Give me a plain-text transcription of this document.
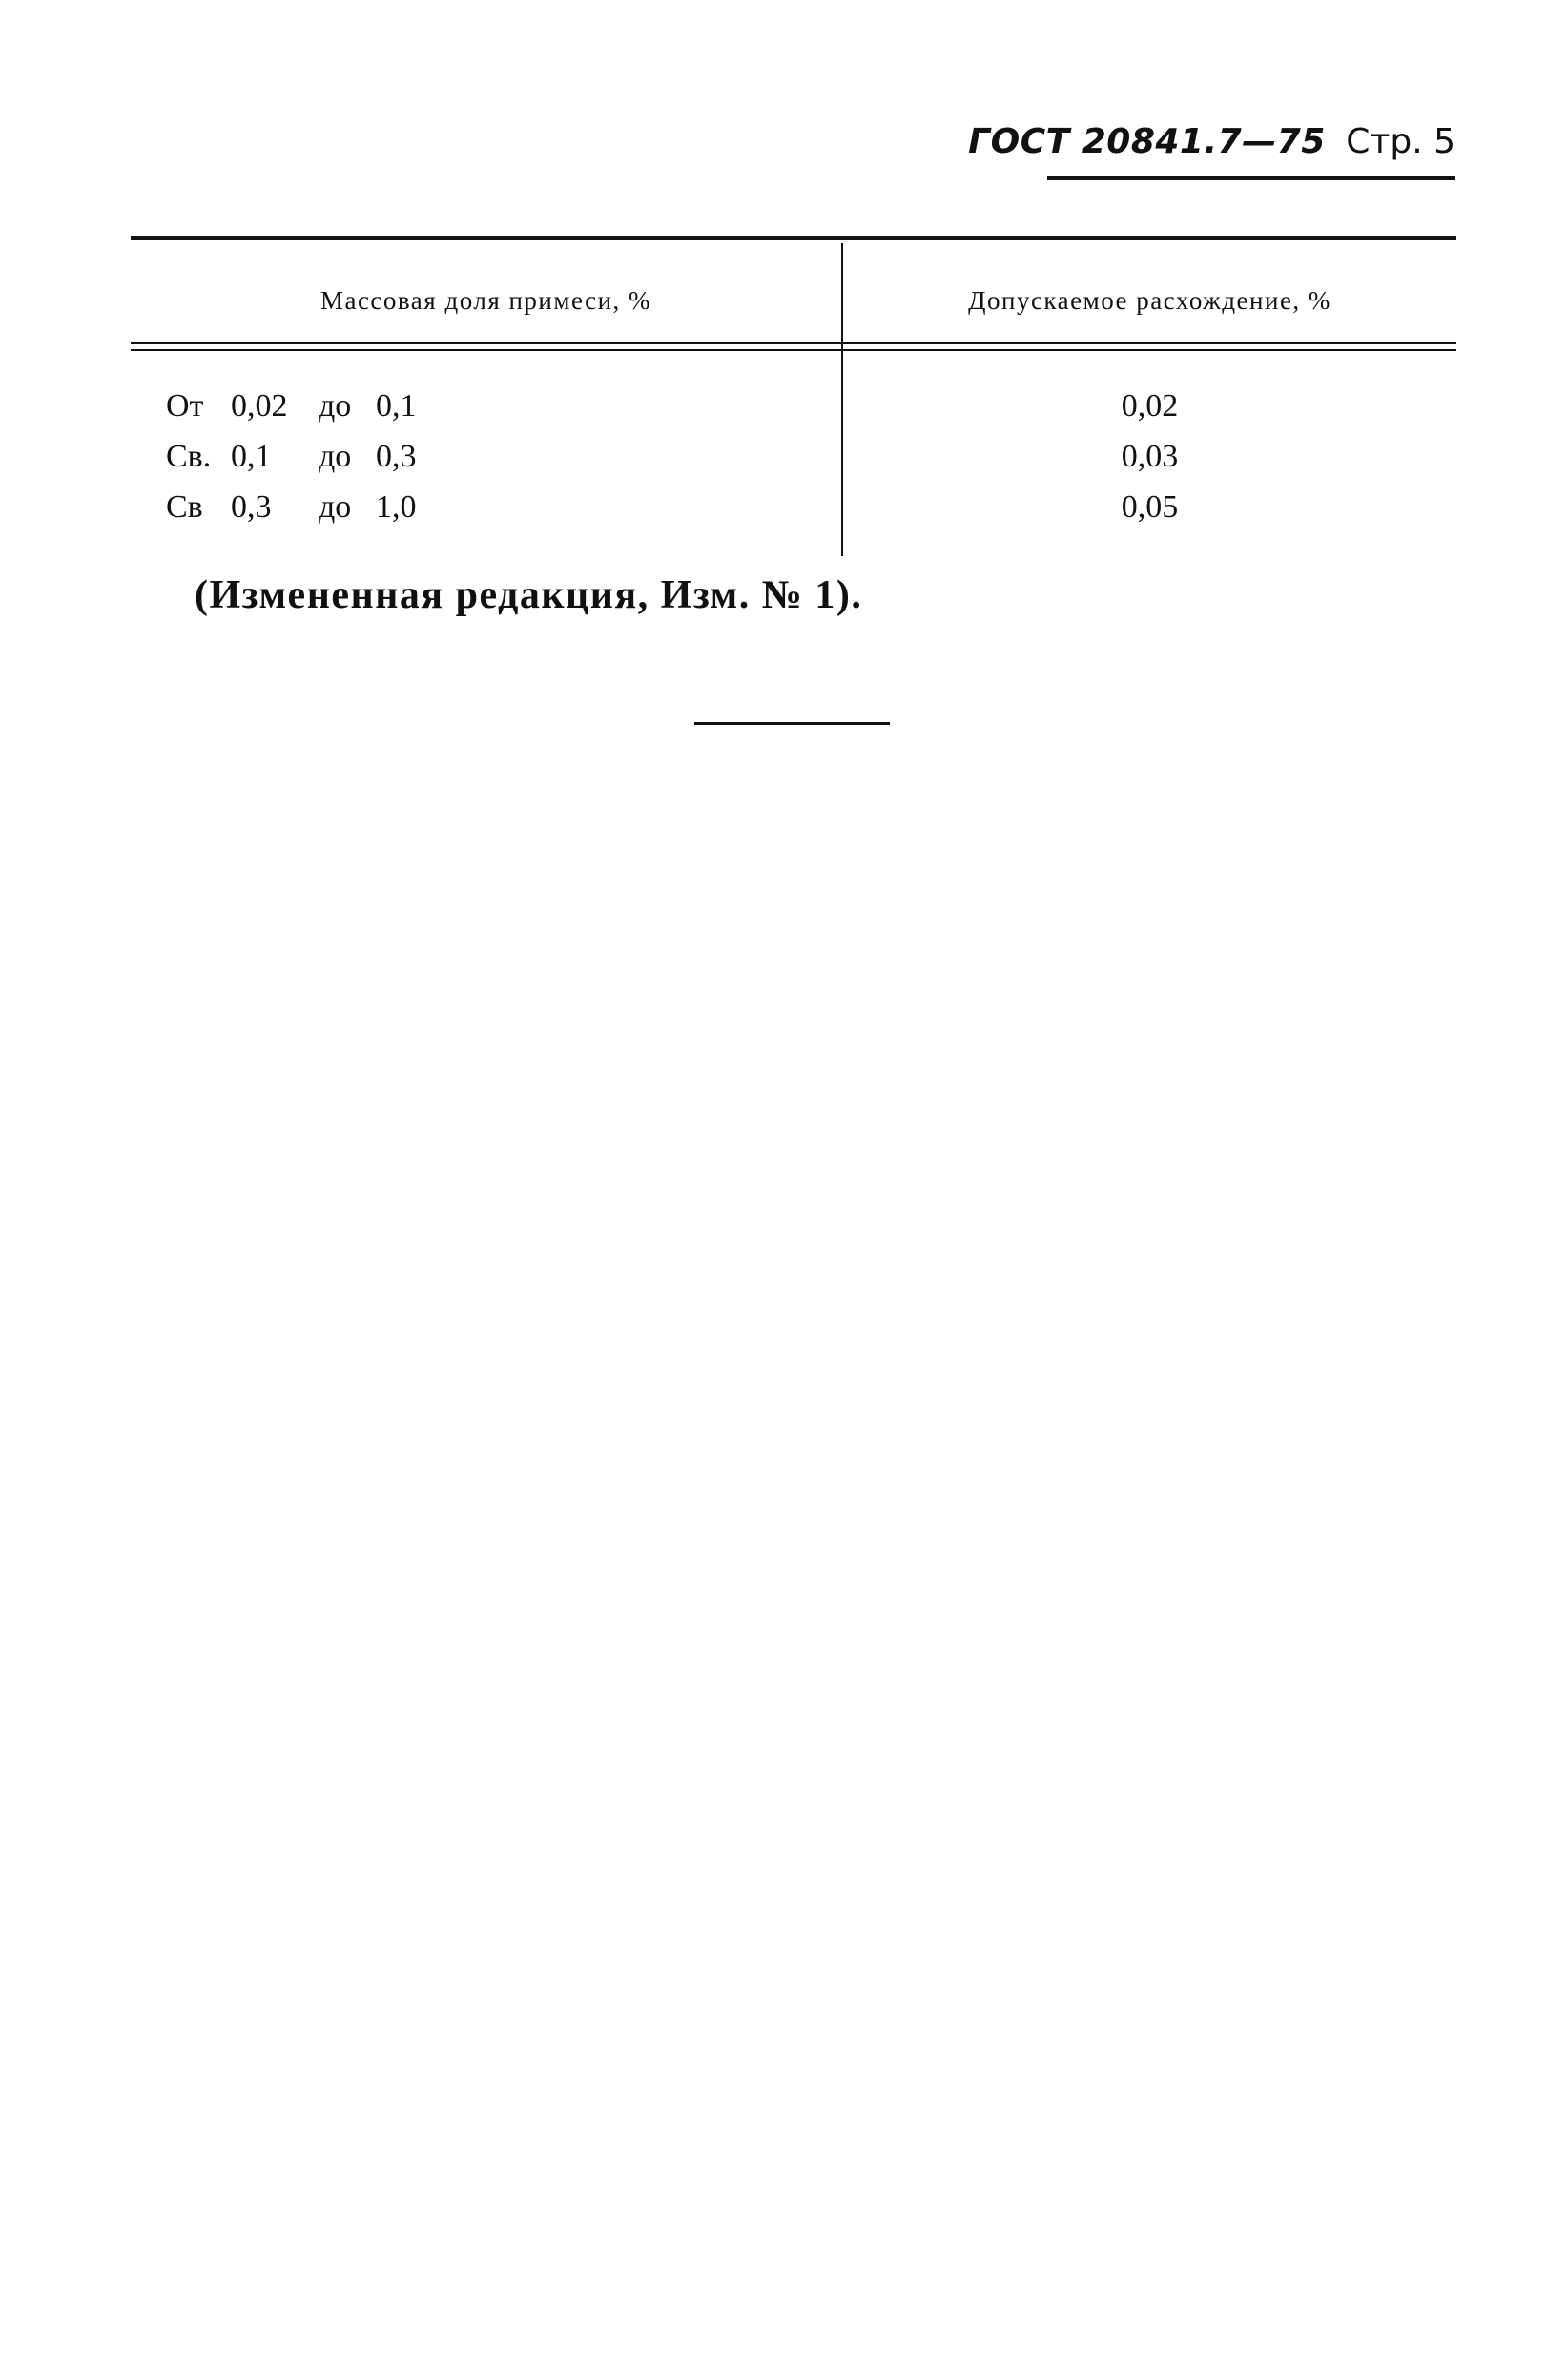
ГОСТ 20841.7—75 Стр. 5
Массовая доля примеси, %	Допускаемое расхождение, %
От 0,02 до 0,1	0,02
Св. 0,1 до 0,3	0,03
Св 0,3 до 1,0	0,05
(Измененная редакция, Изм. № 1).
